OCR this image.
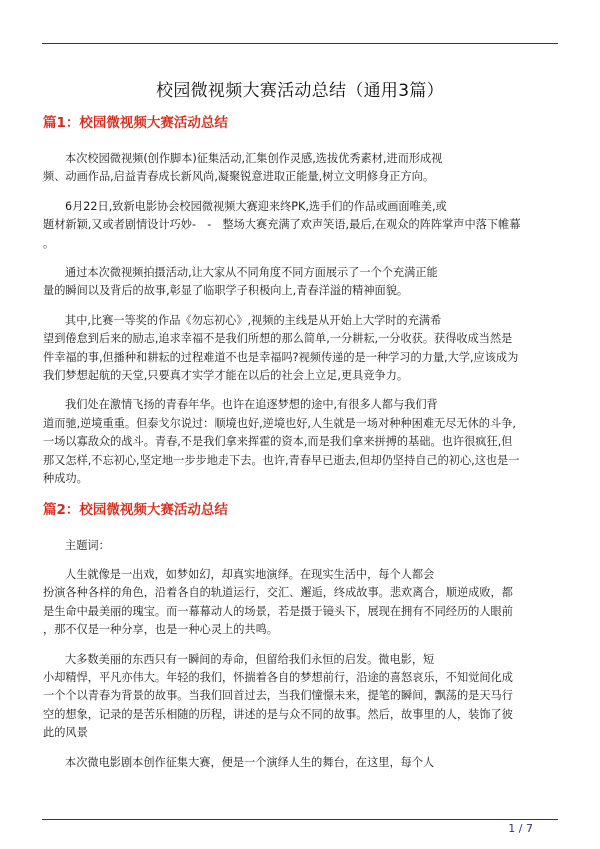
校园微视频大赛活动总结（通用3篇）
篇1：校园微视频大赛活动总结

本次校园微视频(创作脚本)征集活动,汇集创作灵感,选拔优秀素材,进而形成视
频、动画作品,启益青春成长新风尚,凝聚锐意进取正能量,树立文明修身正方向。

6月22日,致新电影协会校园微视频大赛迎来终PK,选手们的作品或画面唯美,或
题材新颖,又或者剧情设计巧妙-　-　整场大赛充满了欢声笑语,最后,在观众的阵阵掌声中落下帷幕
。

通过本次微视频拍摄活动,让大家从不同角度不同方面展示了一个个充满正能
量的瞬间以及背后的故事,彰显了临职学子积极向上,青春洋溢的精神面貌。

其中,比赛一等奖的作品《勿忘初心》,视频的主线是从开始上大学时的充满希
望到倦怠到后来的励志,追求幸福不是我们所想的那么简单,一分耕耘,一分收获。获得收成当然是
件幸福的事,但播种和耕耘的过程难道不也是幸福吗?视频传递的是一种学习的力量,大学,应该成为
我们梦想起航的天堂,只要真才实学才能在以后的社会上立足,更具竞争力。

我们处在激情飞扬的青春年华。也许在追逐梦想的途中,有很多人都与我们背
道而驰,逆境重重。但泰戈尔说过：顺境也好,逆境也好,人生就是一场对种种困难无尽无休的斗争,
一场以寡敌众的战斗。青春,不是我们拿来挥霍的资本,而是我们拿来拼搏的基础。也许很疯狂,但
那又怎样,不忘初心,坚定地一步步地走下去。也许,青春早已逝去,但却仍坚持自己的初心,这也是一
种成功。

篇2：校园微视频大赛活动总结

主题词：

人生就像是一出戏，如梦如幻，却真实地演绎。在现实生活中，每个人都会
扮演各种各样的角色，沿着各自的轨道运行，交汇、邂逅，终成故事。悲欢离合，顺逆成败，都
是生命中最美丽的瑰宝。而一幕幕动人的场景，若是摄于镜头下，展现在拥有不同经历的人眼前
，那不仅是一种分享，也是一种心灵上的共鸣。

大多数美丽的东西只有一瞬间的寿命，但留给我们永恒的启发。微电影，短
小却精悍，平凡亦伟大。年轻的我们，怀揣着各自的梦想前行，沿途的喜怒哀乐，不知觉间化成
一个个以青春为背景的故事。当我们回首过去，当我们憧憬未来，提笔的瞬间，飘荡的是天马行
空的想象，记录的是苦乐相随的历程，讲述的是与众不同的故事。然后，故事里的人，装饰了彼
此的风景

本次微电影剧本创作征集大赛，便是一个演绎人生的舞台，在这里，每个人

1 / 7
